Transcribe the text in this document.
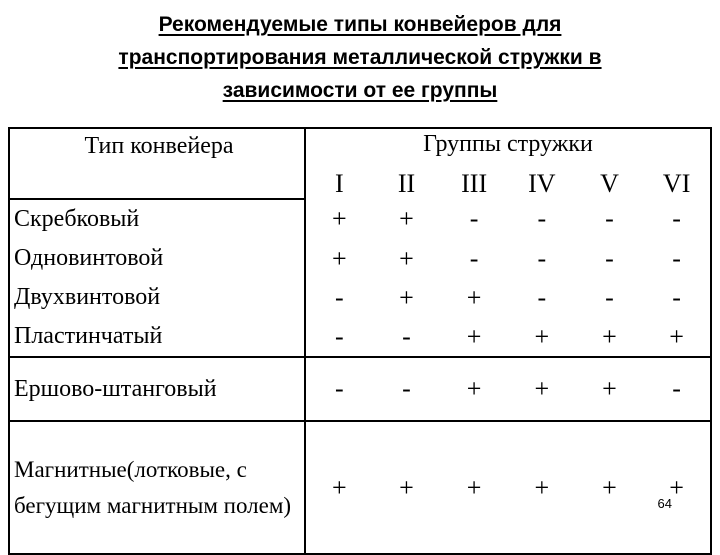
Рекомендуемые типы конвейеров для
транспортирования металлической стружки в
зависимости от ее группы
Тип конвейера	Группы стружки					
	I	II	III	IV	V	VI
Скребковый	+	+	-	-	-	-
Одновинтовой	+	+	-	-	-	-
Двухвинтовой	-	+	+	-	-	-
Пластинчатый	-	-	+	+	+	+
Ершово-штанговый	-	-	+	+	+	-
Магнитные(лотковые, с бегущим магнитным полем)	+	+	+	+	+	+
64
